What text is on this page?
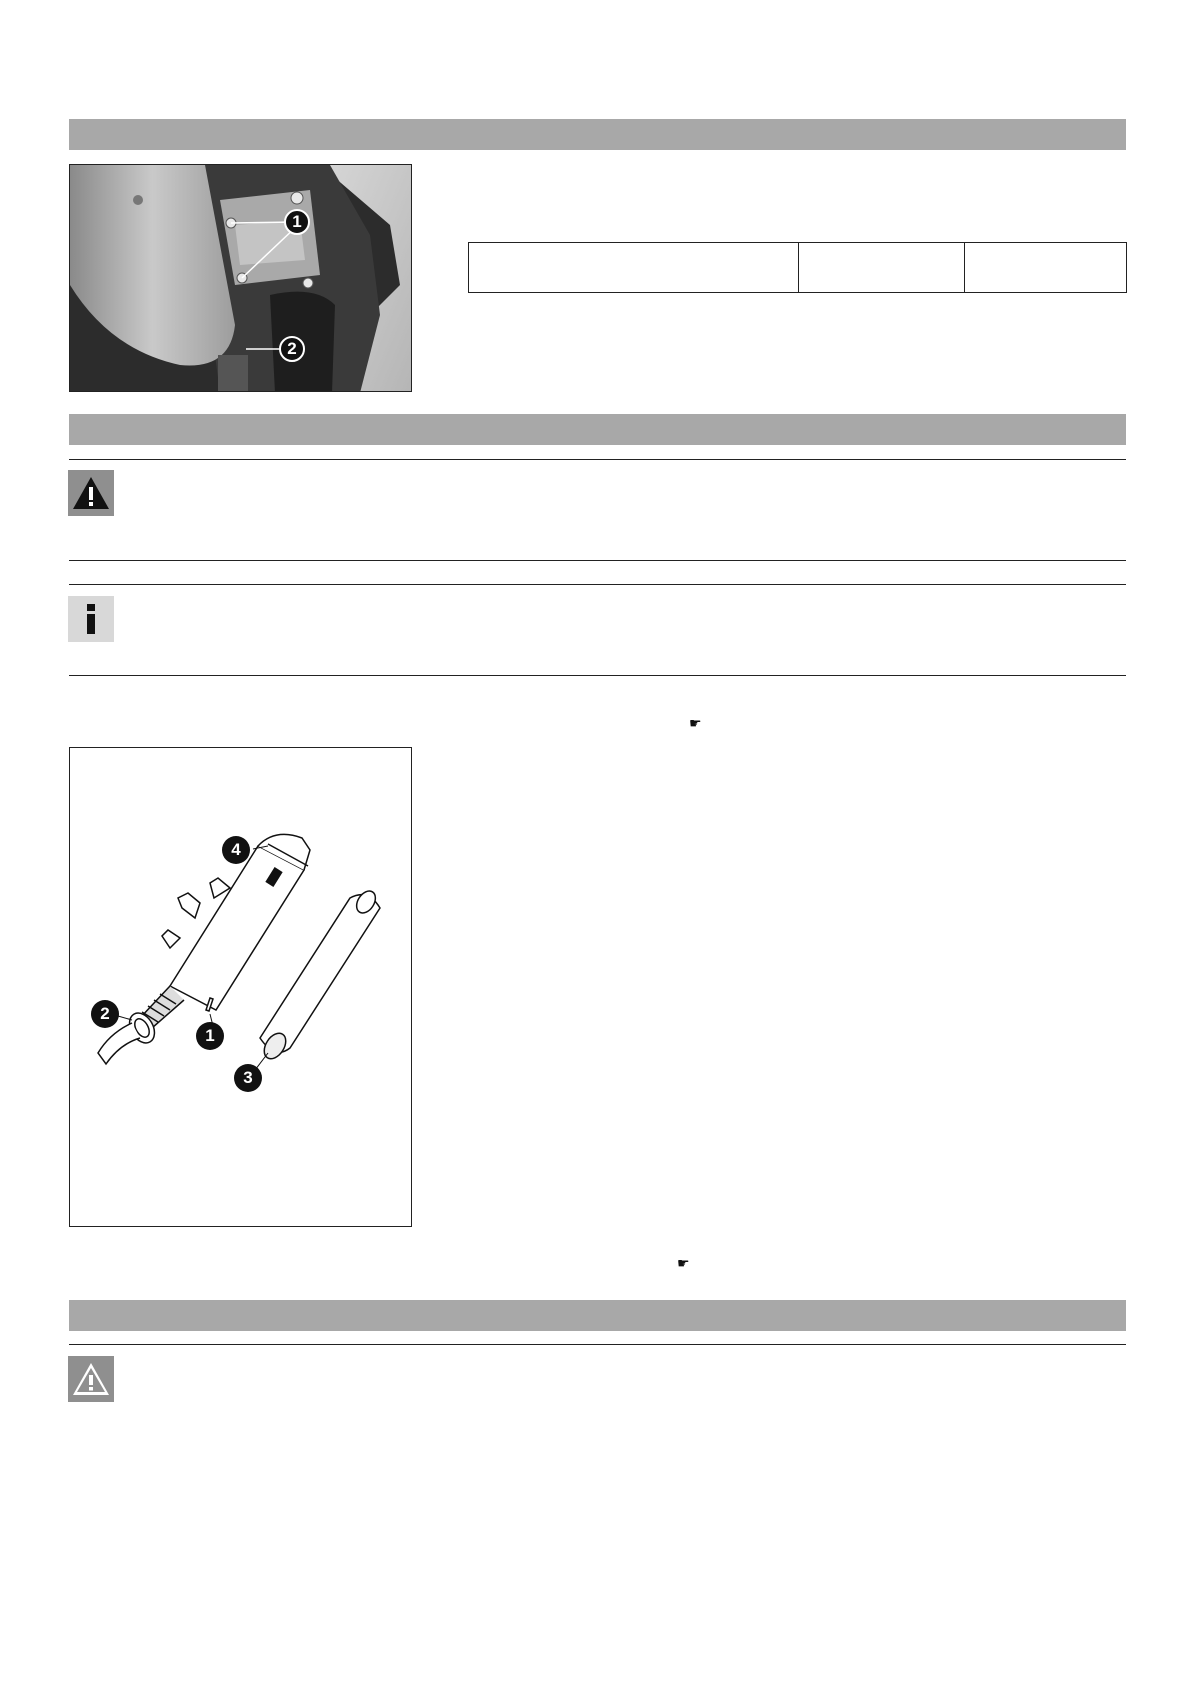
1
2

☛
4
2
1
3
☛
